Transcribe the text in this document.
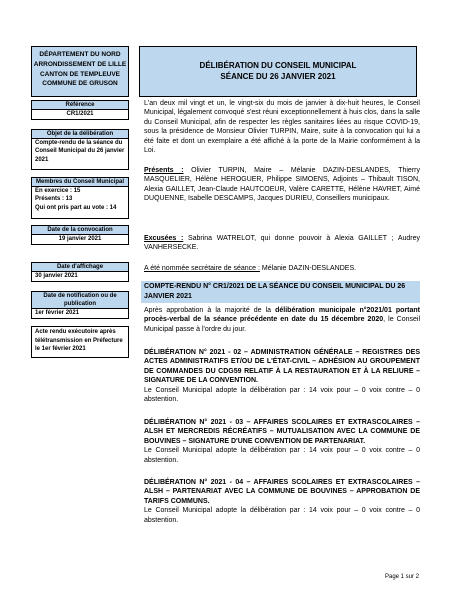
DÉPARTEMENT DU NORD
ARRONDISSEMENT DE LILLE
CANTON DE TEMPLEUVE
COMMUNE DE GRUSON
DÉLIBÉRATION DU CONSEIL MUNICIPAL
SÉANCE DU 26 JANVIER 2021
Référence
CR1/2021
Objet de la délibération
Compte-rendu de la séance du Conseil Municipal du 26 janvier 2021
Membres du Conseil Municipal
En exercice : 15
Présents : 13
Qui ont pris part au vote : 14
Date de la convocation
19 janvier 2021
Date d'affichage
30 janvier 2021
Date de notification ou de publication
1er février 2021
Acte rendu exécutoire après télétransmission en Préfecture le 1er février 2021
L'an deux mil vingt et un, le vingt-six du mois de janvier à dix-huit heures, le Conseil Municipal, légalement convoqué s'est réuni exceptionnellement à huis clos, dans la salle du Conseil Municipal, afin de respecter les règles sanitaires liées au risque COVID-19, sous la présidence de Monsieur Olivier TURPIN, Maire, suite à la convocation qui lui a été faite et dont un exemplaire a été affiché à la porte de la Mairie conformément à la Loi.
Présents : Olivier TURPIN, Maire – Mélanie DAZIN-DESLANDES, Thierry MASQUELIER, Hélène HEROGUER, Philippe SIMOENS, Adjoints – Thibault TISON, Alexia GAILLET, Jean-Claude HAUTCOEUR, Valère CARETTE, Hélène HAVRET, Aimé DUQUENNE, Isabelle DESCAMPS, Jacques DURIEU, Conseillers municipaux.
Excusées : Sabrina WATRELOT, qui donne pouvoir à Alexia GAILLET ; Audrey VANHERSECKE.
A été nommée secrétaire de séance : Mélanie DAZIN-DESLANDES.
COMPTE-RENDU N° CR1/2021 DE LA SÉANCE DU CONSEIL MUNICIPAL DU 26 JANVIER 2021
Après approbation à la majorité de la délibération municipale n°2021/01 portant procès-verbal de la séance précédente en date du 15 décembre 2020, le Conseil Municipal passe à l'ordre du jour.
DÉLIBÉRATION N° 2021 - 02 – ADMINISTRATION GÉNÉRALE – REGISTRES DES ACTES ADMINISTRATIFS ET/OU DE L'ÉTAT-CIVIL – ADHÉSION AU GROUPEMENT DE COMMANDES DU CDG59 RELATIF À LA RESTAURATION ET À LA RELIURE – SIGNATURE DE LA CONVENTION.
Le Conseil Municipal adopte la délibération par : 14 voix pour – 0 voix contre – 0 abstention.
DÉLIBÉRATION N° 2021 - 03 – AFFAIRES SCOLAIRES ET EXTRASCOLAIRES – ALSH ET MERCREDIS RÉCRÉATIFS – MUTUALISATION AVEC LA COMMUNE DE BOUVINES – SIGNATURE D'UNE CONVENTION DE PARTENARIAT.
Le Conseil Municipal adopte la délibération par : 14 voix pour – 0 voix contre – 0 abstention.
DÉLIBÉRATION N° 2021 - 04 – AFFAIRES SCOLAIRES ET EXTRASCOLAIRES – ALSH – PARTENARIAT AVEC LA COMMUNE DE BOUVINES – APPROBATION DE TARIFS COMMUNS.
Le Conseil Municipal adopte la délibération par : 14 voix pour – 0 voix contre – 0 abstention.
Page 1 sur 2
